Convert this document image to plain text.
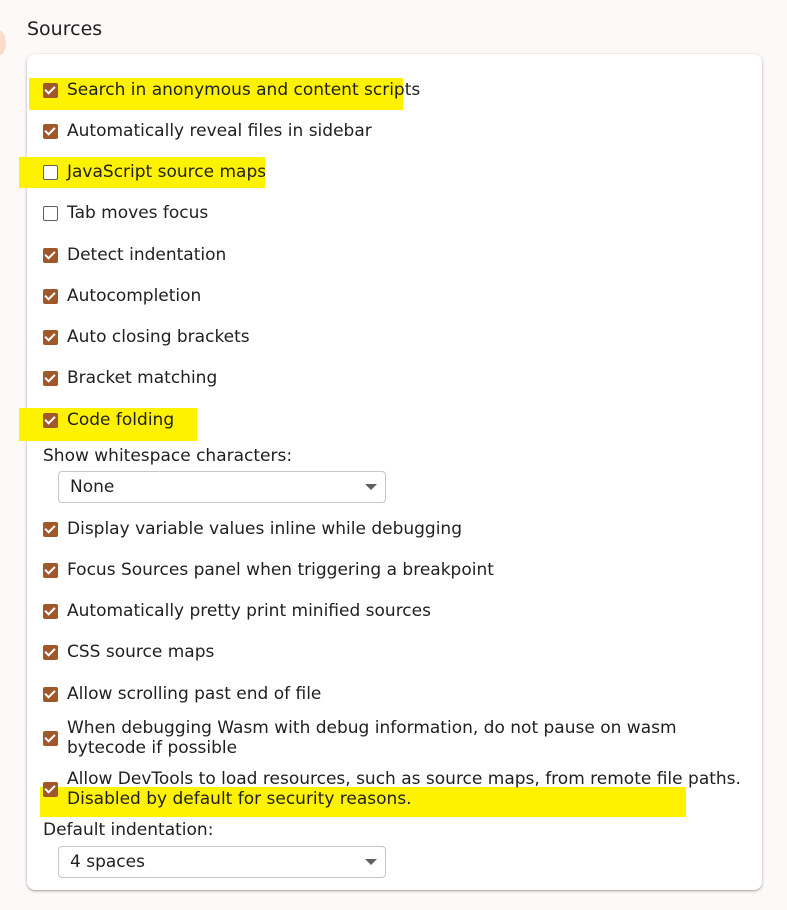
Sources
Search in anonymous and content scripts
Automatically reveal files in sidebar
JavaScript source maps
Tab moves focus
Detect indentation
Autocompletion
Auto closing brackets
Bracket matching
Code folding
Show whitespace characters:
None
Display variable values inline while debugging
Focus Sources panel when triggering a breakpoint
Automatically pretty print minified sources
CSS source maps
Allow scrolling past end of file
When debugging Wasm with debug information, do not pause on wasm bytecode if possible
Allow DevTools to load resources, such as source maps, from remote file paths. Disabled by default for security reasons.
Default indentation:
4 spaces
